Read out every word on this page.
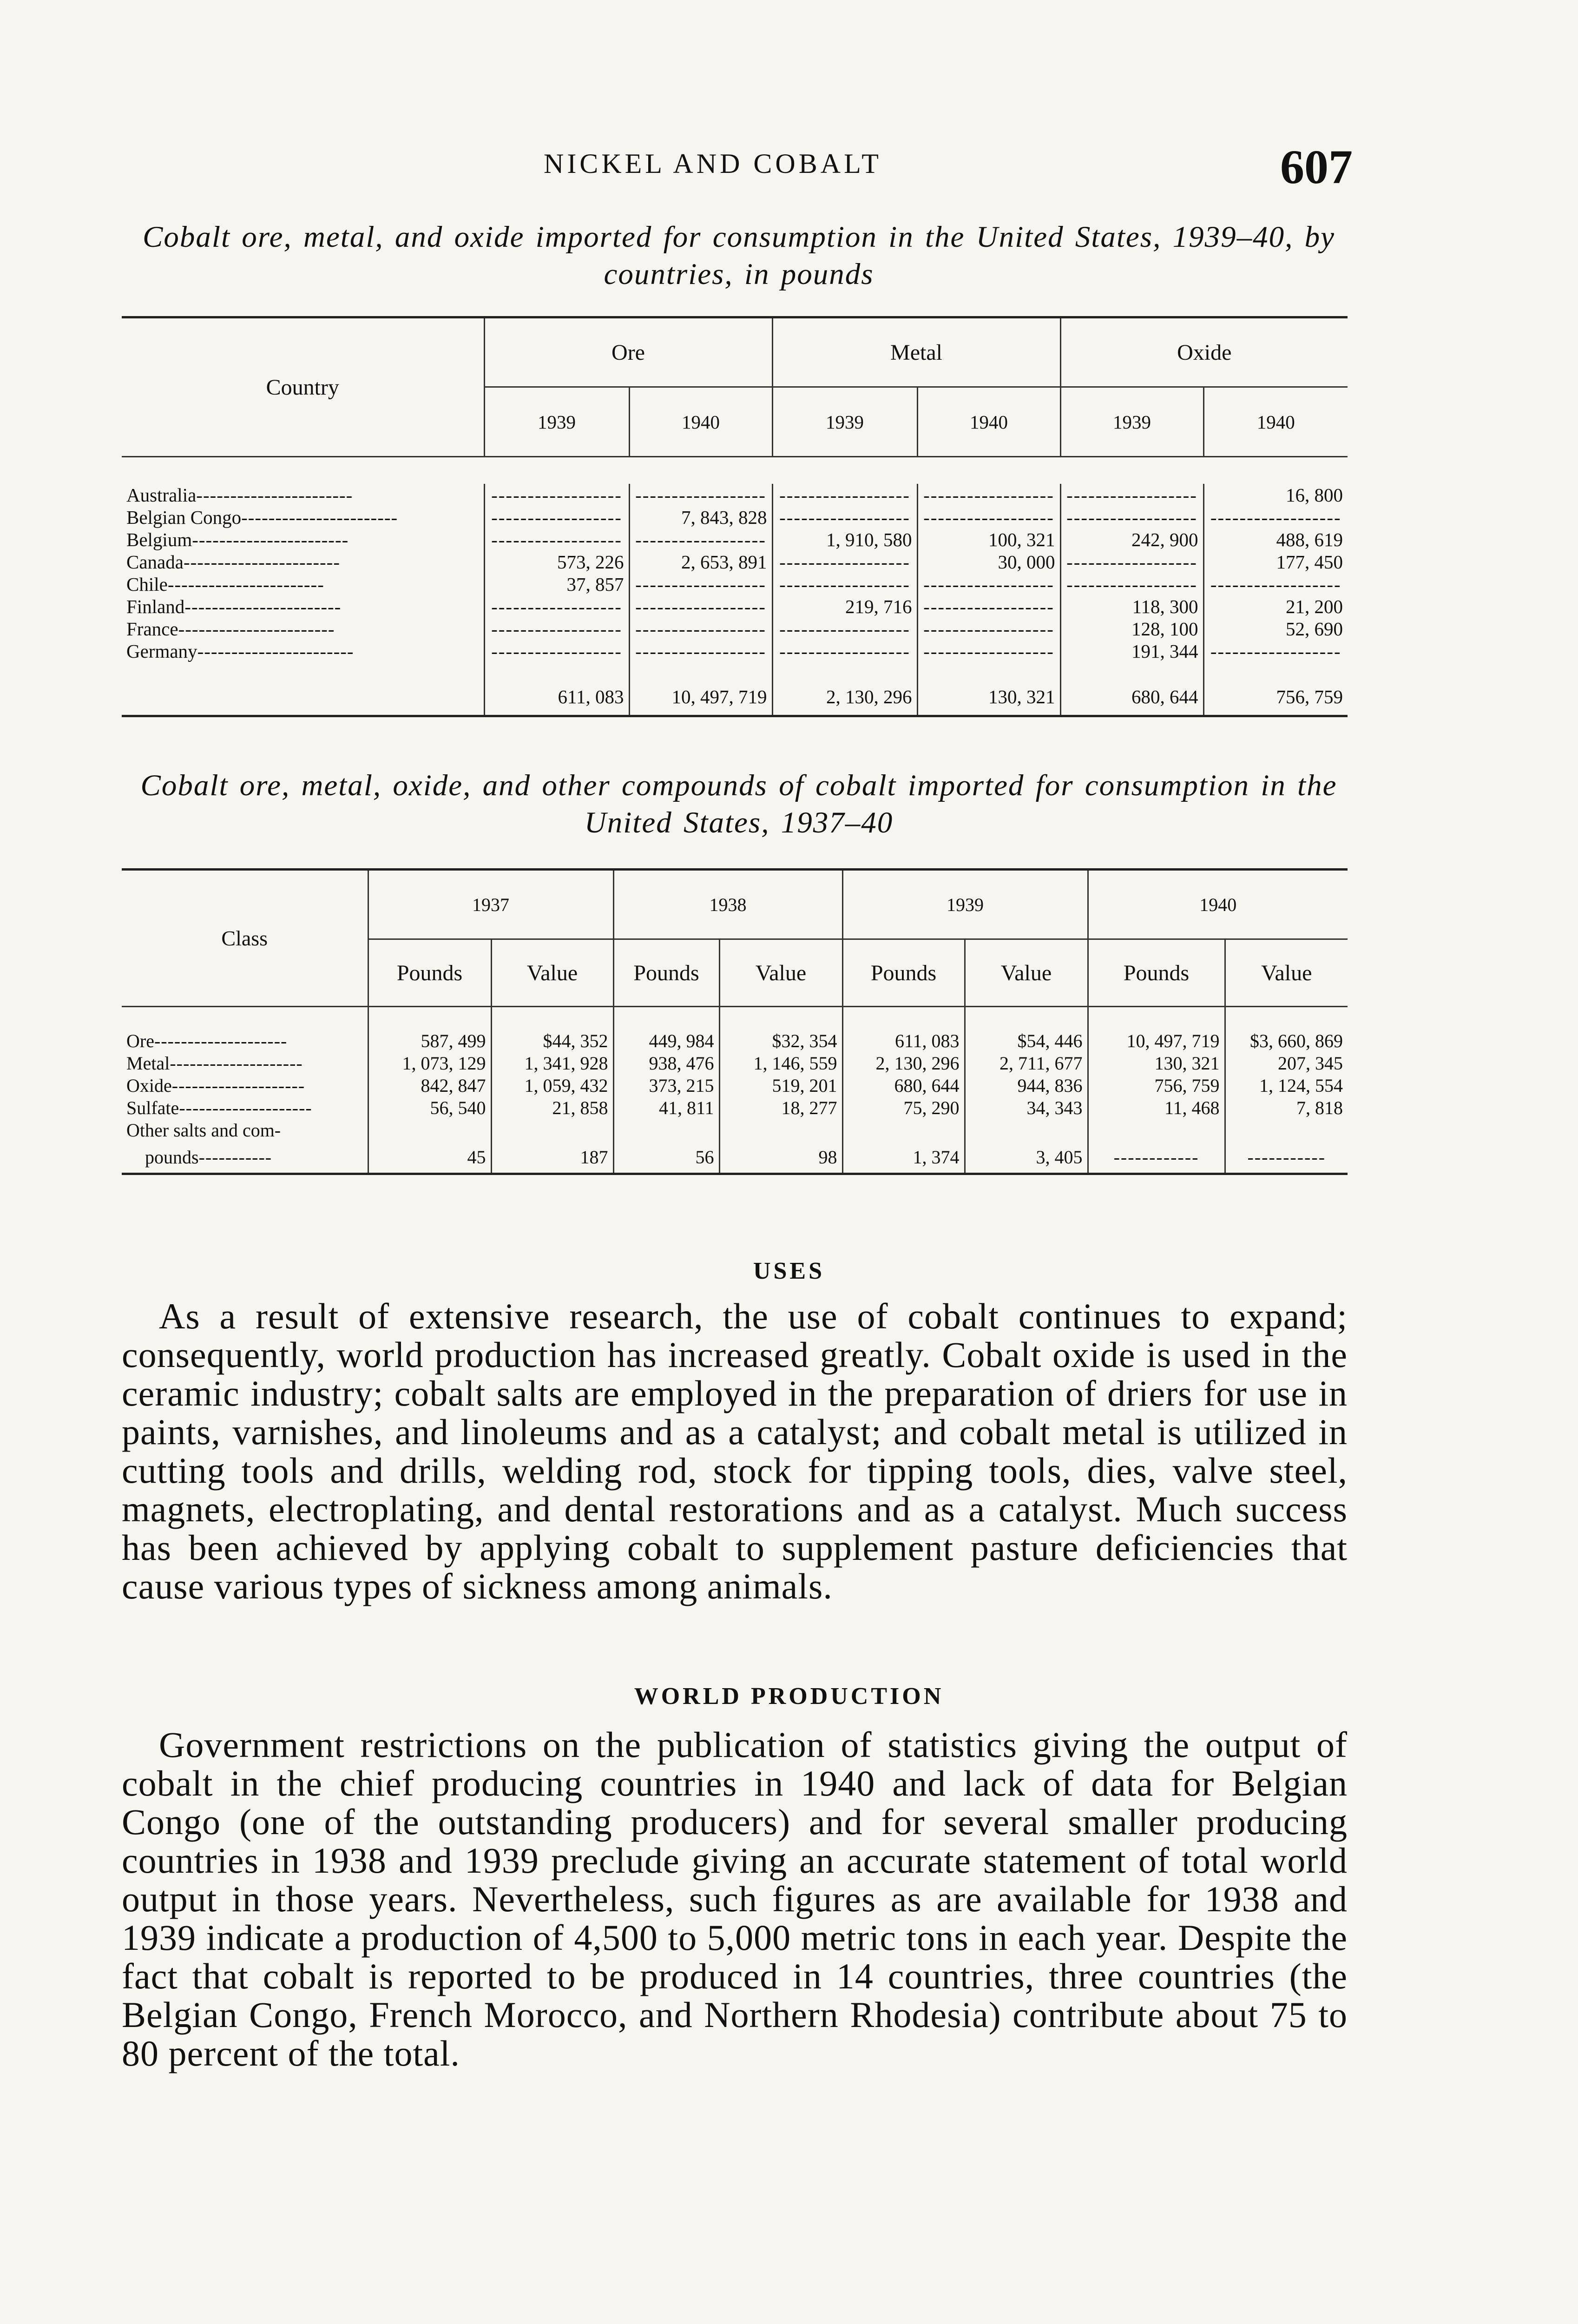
NICKEL AND COBALT	607
Cobalt ore, metal, and oxide imported for consumption in the United States, 1939–40, by countries, in pounds
Country	Ore		Metal		Oxide	
	1939	1940	1939	1940	1939	1940

Australia-----------------------	------------------	------------------	------------------	------------------	------------------	16, 800
Belgian Congo-----------------------	------------------	7, 843, 828	------------------	------------------	------------------	------------------
Belgium-----------------------	------------------	------------------	1, 910, 580	100, 321	242, 900	488, 619
Canada-----------------------	573, 226	2, 653, 891	------------------	30, 000	------------------	177, 450
Chile-----------------------	37, 857	------------------	------------------	------------------	------------------	------------------
Finland-----------------------	------------------	------------------	219, 716	------------------	118, 300	21, 200
France-----------------------	------------------	------------------	------------------	------------------	128, 100	52, 690
Germany-----------------------	------------------	------------------	------------------	------------------	191, 344	------------------

	611, 083	10, 497, 719	2, 130, 296	130, 321	680, 644	756, 759
Cobalt ore, metal, oxide, and other compounds of cobalt imported for consumption in the United States, 1937–40
Class	1937		1938		1939		1940	
	Pounds	Value	Pounds	Value	Pounds	Value	Pounds	Value

Ore--------------------	587, 499	$44, 352	449, 984	$32, 354	611, 083	$54, 446	10, 497, 719	$3, 660, 869
Metal--------------------	1, 073, 129	1, 341, 928	938, 476	1, 146, 559	2, 130, 296	2, 711, 677	130, 321	207, 345
Oxide--------------------	842, 847	1, 059, 432	373, 215	519, 201	680, 644	944, 836	756, 759	1, 124, 554
Sulfate--------------------	56, 540	21, 858	41, 811	18, 277	75, 290	34, 343	11, 468	7, 818
Other salts and com-								
pounds-----------	45	187	56	98	1, 374	3, 405	------------	-----------
USES
As a result of extensive research, the use of cobalt continues to expand; consequently, world production has increased greatly. Cobalt oxide is used in the ceramic industry; cobalt salts are employed in the preparation of driers for use in paints, varnishes, and linoleums and as a catalyst; and cobalt metal is utilized in cutting tools and drills, welding rod, stock for tipping tools, dies, valve steel, magnets, electroplating, and dental restorations and as a catalyst. Much success has been achieved by applying cobalt to supplement pasture deficiencies that cause various types of sickness among animals.
WORLD PRODUCTION
Government restrictions on the publication of statistics giving the output of cobalt in the chief producing countries in 1940 and lack of data for Belgian Congo (one of the outstanding producers) and for several smaller producing countries in 1938 and 1939 preclude giving an accurate statement of total world output in those years. Nevertheless, such figures as are available for 1938 and 1939 indicate a production of 4,500 to 5,000 metric tons in each year. Despite the fact that cobalt is reported to be produced in 14 countries, three countries (the Belgian Congo, French Morocco, and Northern Rhodesia) contribute about 75 to 80 percent of the total.
